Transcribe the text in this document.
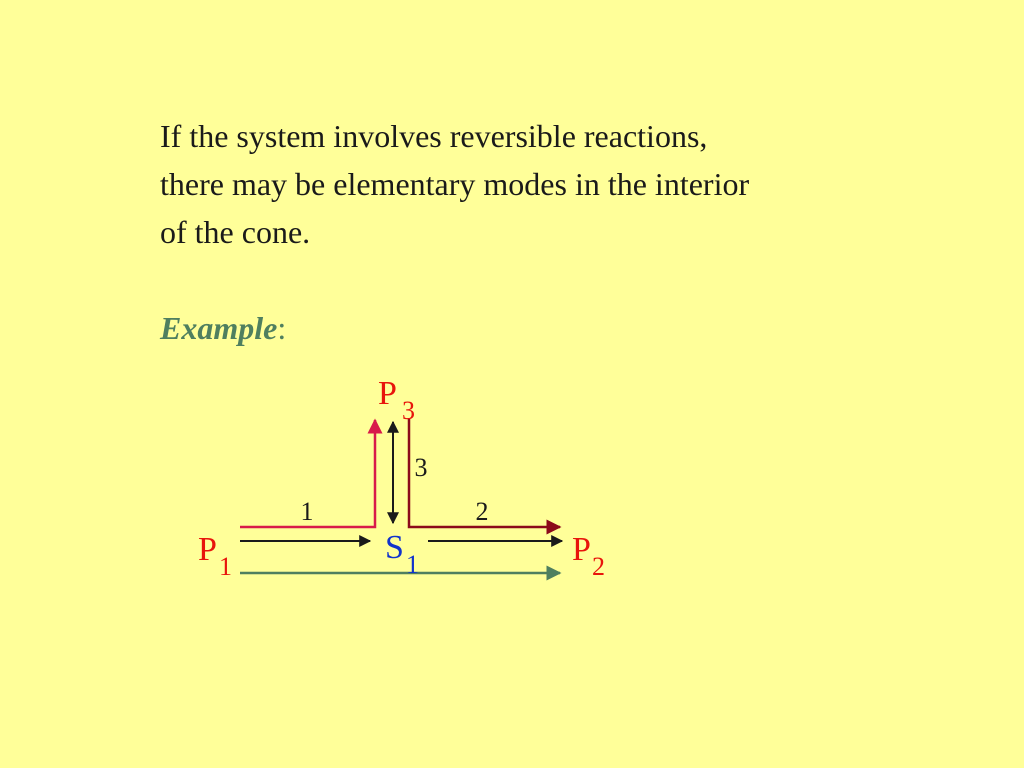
If the system involves reversible reactions,
there may be elementary modes in the interior
of the cone.

Example:

1	2
3
P 3
P 1
S 1	P 2
